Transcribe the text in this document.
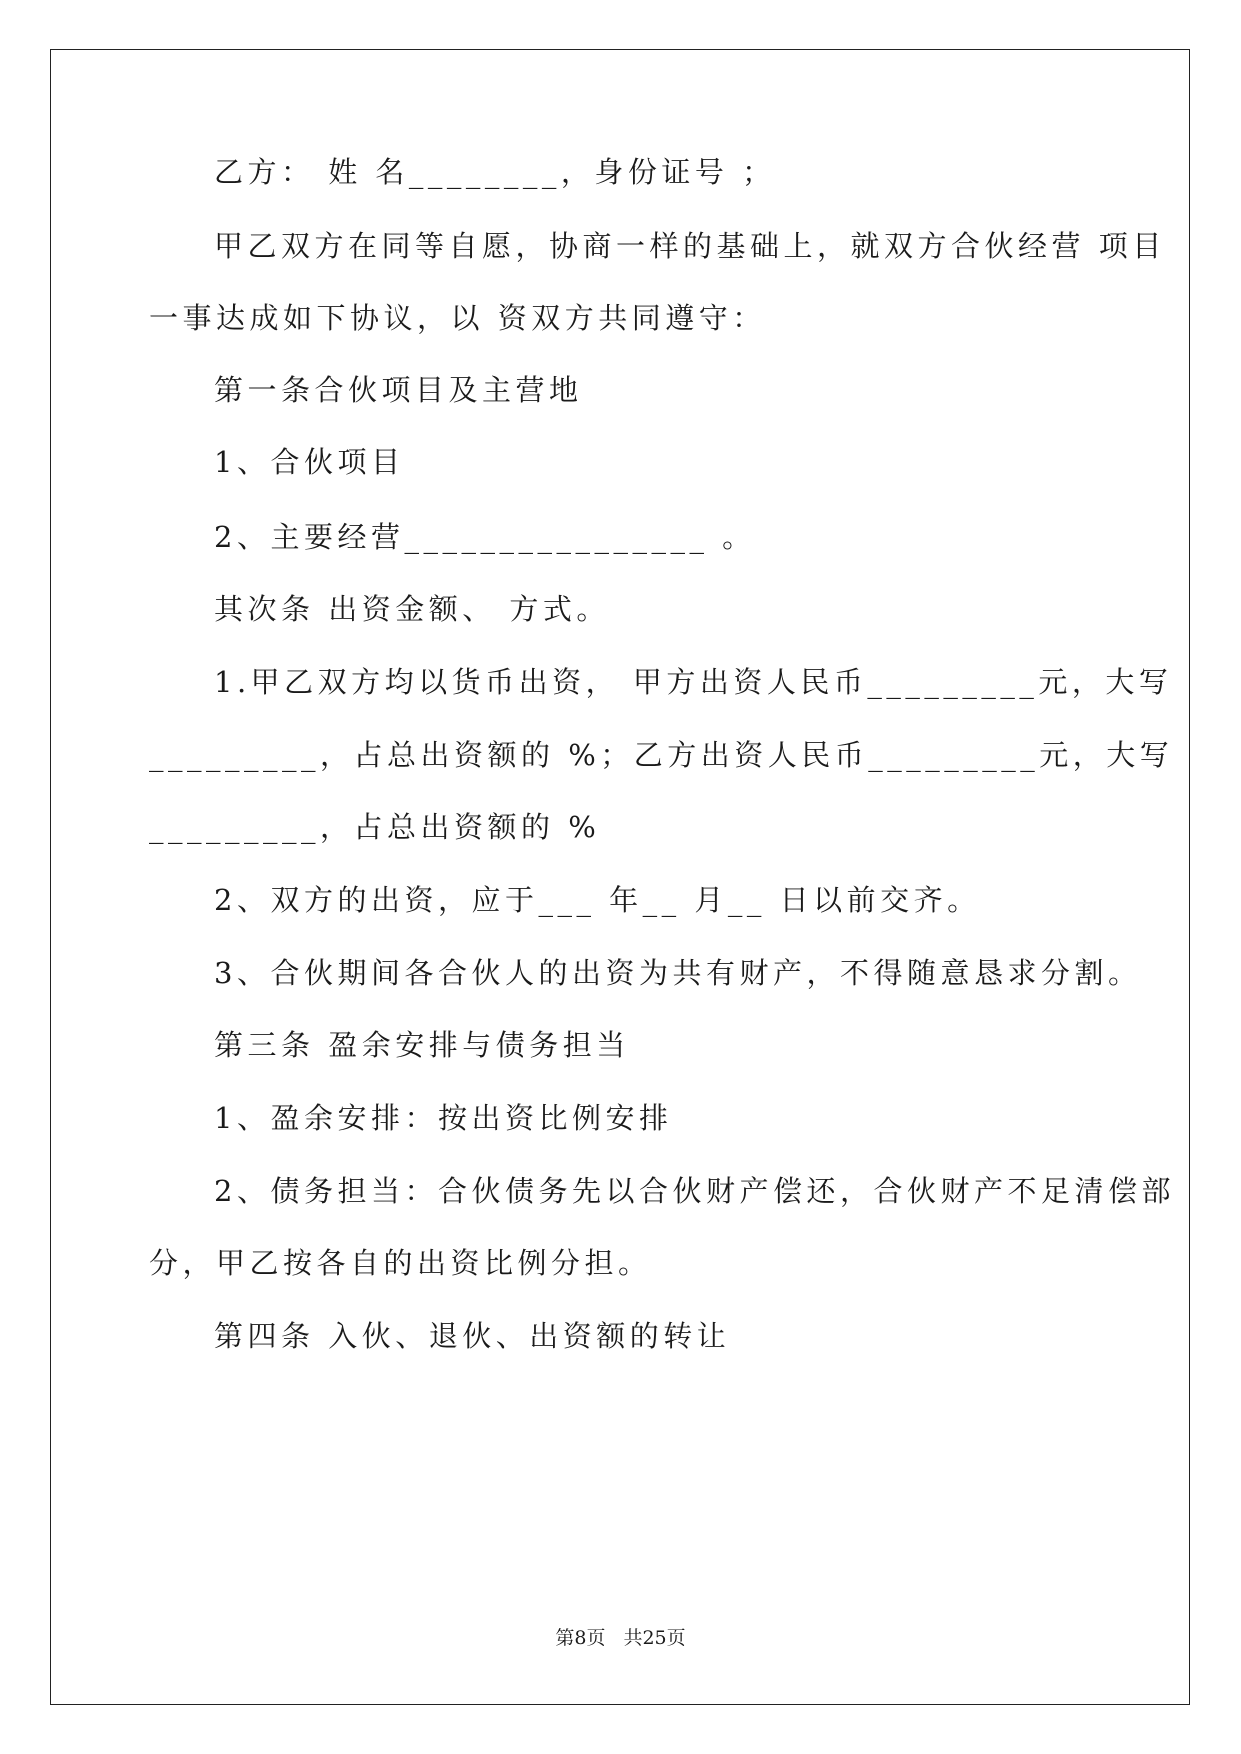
乙方： 姓 名________，身份证号 ；
甲乙双方在同等自愿，协商一样的基础上，就双方合伙经营 项目
一事达成如下协议，以 资双方共同遵守：
第一条合伙项目及主营地
1、合伙项目
2、主要经营________________ 。
其次条 出资金额、 方式。
1.甲乙双方均以货币出资， 甲方出资人民币_________元，大写
_________，占总出资额的 %；乙方出资人民币_________元，大写
_________，占总出资额的 %
2、双方的出资，应于___ 年__ 月__ 日以前交齐。
3、合伙期间各合伙人的出资为共有财产，不得随意恳求分割。
第三条 盈余安排与债务担当
1、盈余安排：按出资比例安排
2、债务担当：合伙债务先以合伙财产偿还，合伙财产不足清偿部
分，甲乙按各自的出资比例分担。
第四条 入伙、退伙、出资额的转让
第8页 共25页
